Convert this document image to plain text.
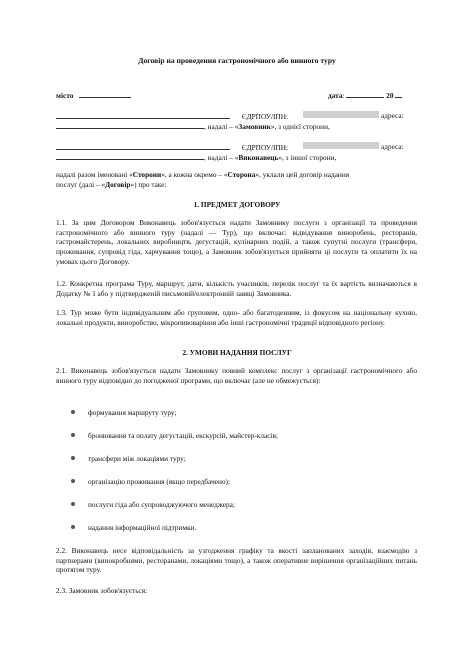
Договір на проведення гастрономічного або винного туру
місто	дата:	20
ЄДРПОУ/ІПН:	адреса:
, надалі – «Замовник», з однієї сторони,
ЄДРПОУ/ІПН:	адреса:
, надалі – «Виконавець», з іншої сторони,
надалі разом іменовані «Сторони», а кожна окремо – «Сторона», уклали цей договір надання
послуг (далі – «Договір») про таке:
1. ПРЕДМЕТ ДОГОВОРУ
1.1. За цим Договором Виконавець зобов'язується надати Замовнику послуги з організації та проведення гастрономічного або винного туру (надалі — Тур), що включає: відвідування виноробень, ресторанів, гастромайстерень, локальних виробництв, дегустацій, кулінарних подій, а також супутні послуги (трансфери, проживання, супровід гіда, харчування тощо), а Замовник зобов'язується прийняти ці послуги та оплатити їх на умовах цього Договору.
1.2. Конкретна програма Туру, маршрут, дати, кількість учасників, перелік послуг та їх вартість визначаються в Додатку № 1 або у підтвердженій письмовій/електронній заявці Замовника.
1.3. Тур може бути індивідуальним або груповим, одно- або багатоденним, із фокусом на національну кухню, локальні продукти, виноробство, мікропивоваріння або інші гастрономічні традиції відповідного регіону.
2. УМОВИ НАДАННЯ ПОСЛУГ
2.1. Виконавець зобов'язується надати Замовнику повний комплекс послуг з організації гастрономічного або винного туру відповідно до погодженої програми, що включає (але не обмежується):
формування маршруту туру;
бронювання та оплату дегустацій, екскурсій, майстер-класів;
трансфери між локаціями туру;
організацію проживання (якщо передбачено);
послуги гіда або супроводжуючого менеджера;
надання інформаційної підтримки.
2.2. Виконавець несе відповідальність за узгодження графіку та якості запланованих заходів, взаємодію з партнерами (винокробнями, ресторанами, локаціями тощо), а також оперативне вирішення організаційних питань протягом туру.
2.3. Замовник зобов'язується:
